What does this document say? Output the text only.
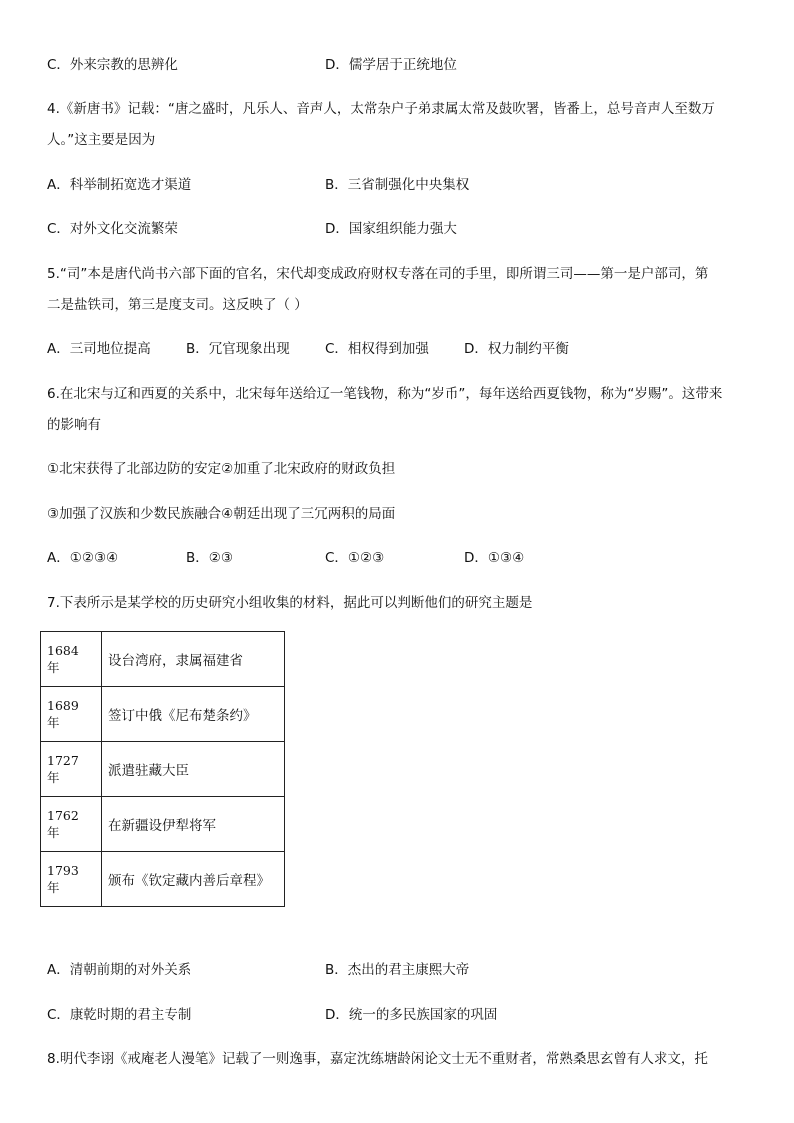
C．外来宗教的思辨化	D．儒学居于正统地位
4.《新唐书》记载：“唐之盛时，凡乐人、音声人，太常杂户子弟隶属太常及鼓吹署，皆番上，总号音声人至数万
人。”这主要是因为
A．科举制拓宽选才渠道	B．三省制强化中央集权
C．对外文化交流繁荣	D．国家组织能力强大
5.“司”本是唐代尚书六部下面的官名，宋代却变成政府财权专落在司的手里，即所谓三司——第一是户部司，第
二是盐铁司，第三是度支司。这反映了（ ）
A．三司地位提高	B．冗官现象出现	C．相权得到加强	D．权力制约平衡
6.在北宋与辽和西夏的关系中，北宋每年送给辽一笔钱物，称为“岁币”，每年送给西夏钱物，称为“岁赐”。这带来
的影响有
①北宋获得了北部边防的安定②加重了北宋政府的财政负担
③加强了汉族和少数民族融合④朝廷出现了三冗两积的局面
A．①②③④	B．②③	C．①②③	D．①③④
7.下表所示是某学校的历史研究小组收集的材料，据此可以判断他们的研究主题是
1684 年	设台湾府，隶属福建省
1689 年	签订中俄《尼布楚条约》
1727 年	派遣驻藏大臣
1762 年	在新疆设伊犁将军
1793 年	颁布《钦定藏内善后章程》
A．清朝前期的对外关系	B．杰出的君主康熙大帝
C．康乾时期的君主专制	D．统一的多民族国家的巩固
8.明代李诩《戒庵老人漫笔》记载了一则逸事，嘉定沈练塘龄闲论文士无不重财者，常熟桑思玄曾有人求文，托
